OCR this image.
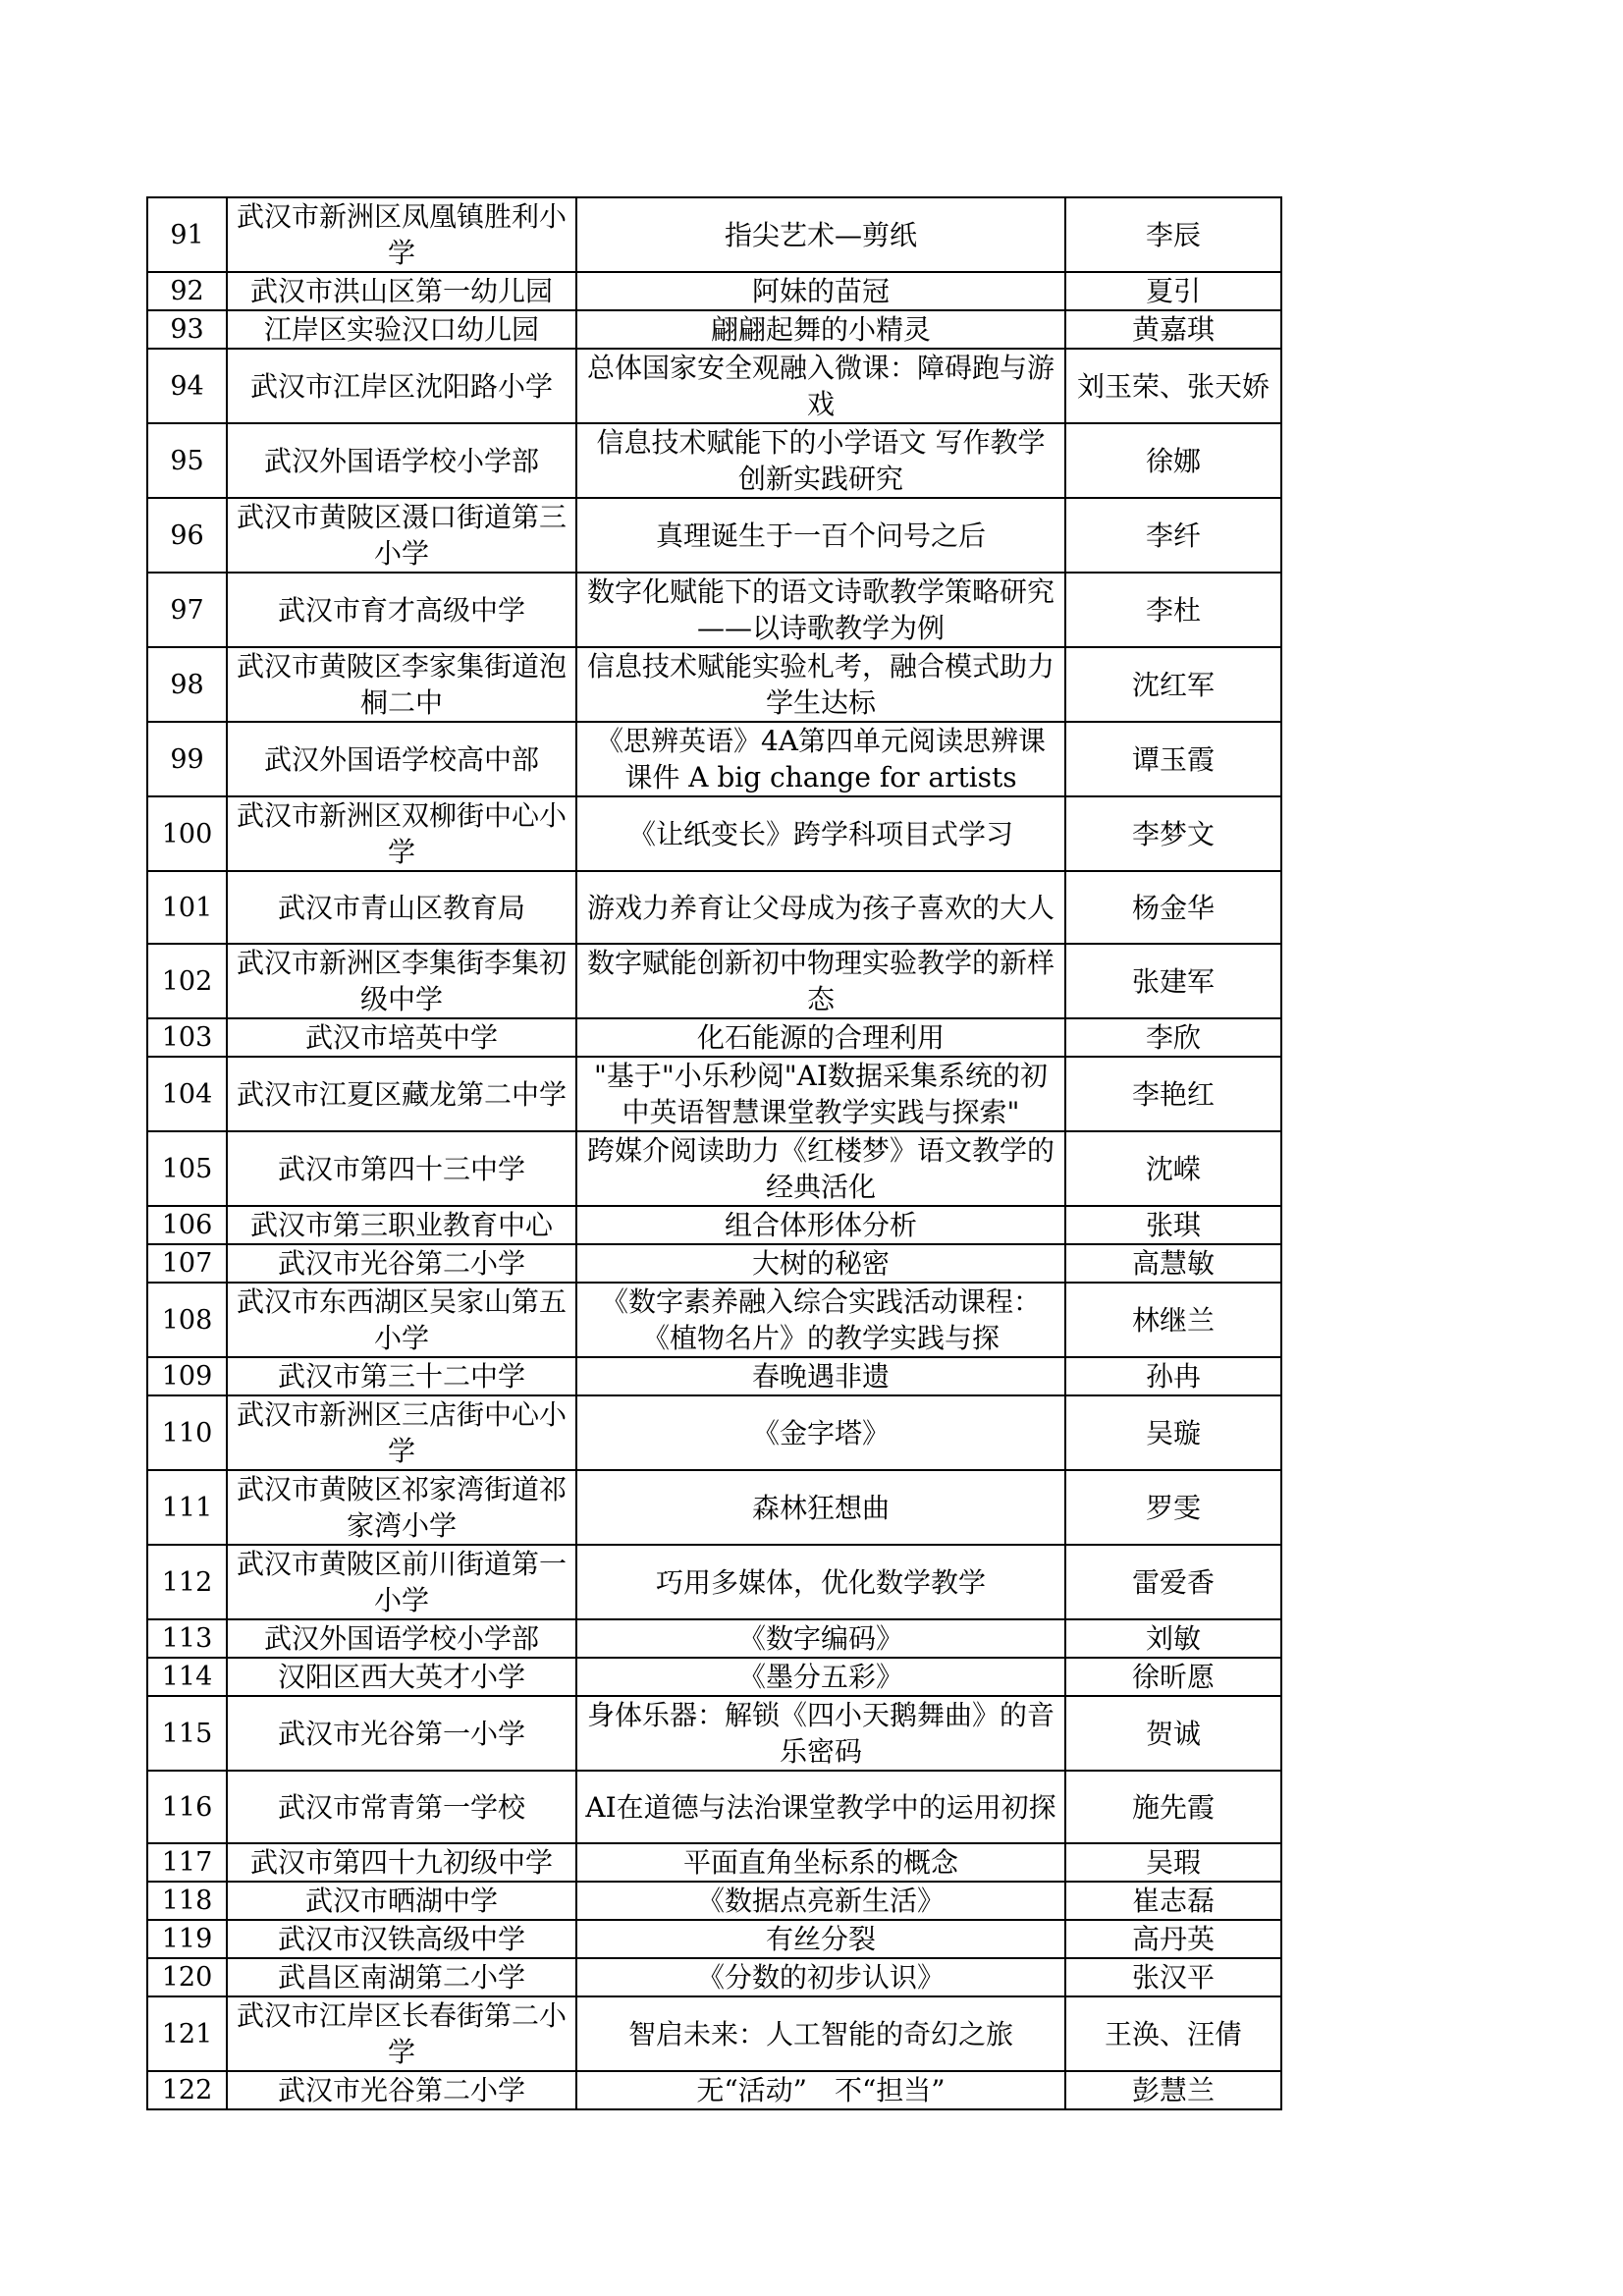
91	武汉市新洲区凤凰镇胜利小学	指尖艺术—剪纸	李辰
92	武汉市洪山区第一幼儿园	阿妹的苗冠	夏引
93	江岸区实验汉口幼儿园	翩翩起舞的小精灵	黄嘉琪
94	武汉市江岸区沈阳路小学	总体国家安全观融入微课：障碍跑与游戏	刘玉荣、张天娇
95	武汉外国语学校小学部	信息技术赋能下的小学语文 写作教学创新实践研究	徐娜
96	武汉市黄陂区滠口街道第三小学	真理诞生于一百个问号之后	李纤
97	武汉市育才高级中学	数字化赋能下的语文诗歌教学策略研究 ——以诗歌教学为例	李杜
98	武汉市黄陂区李家集街道泡桐二中	信息技术赋能实验札考，融合模式助力学生达标	沈红军
99	武汉外国语学校高中部	《思辨英语》4A第四单元阅读思辨课课件 A big change for artists	谭玉霞
100	武汉市新洲区双柳街中心小学	《让纸变长》跨学科项目式学习	李梦文
101	武汉市青山区教育局	游戏力养育让父母成为孩子喜欢的大人	杨金华
102	武汉市新洲区李集街李集初级中学	数字赋能创新初中物理实验教学的新样态	张建军
103	武汉市培英中学	化石能源的合理利用	李欣
104	武汉市江夏区藏龙第二中学	"基于"小乐秒阅"AI数据采集系统的初中英语智慧课堂教学实践与探索"	李艳红
105	武汉市第四十三中学	跨媒介阅读助力《红楼梦》语文教学的经典活化	沈嵘
106	武汉市第三职业教育中心	组合体形体分析	张琪
107	武汉市光谷第二小学	大树的秘密	高慧敏
108	武汉市东西湖区吴家山第五小学	《数字素养融入综合实践活动课程：《植物名片》的教学实践与探	林继兰
109	武汉市第三十二中学	春晚遇非遗	孙冉
110	武汉市新洲区三店街中心小学	《金字塔》	吴璇
111	武汉市黄陂区祁家湾街道祁家湾小学	森林狂想曲	罗雯
112	武汉市黄陂区前川街道第一小学	巧用多媒体，优化数学教学	雷爱香
113	武汉外国语学校小学部	《数字编码》	刘敏
114	汉阳区西大英才小学	《墨分五彩》	徐昕愿
115	武汉市光谷第一小学	身体乐器：解锁《四小天鹅舞曲》的音乐密码	贺诚
116	武汉市常青第一学校	AI在道德与法治课堂教学中的运用初探	施先霞
117	武汉市第四十九初级中学	平面直角坐标系的概念	吴瑕
118	武汉市晒湖中学	《数据点亮新生活》	崔志磊
119	武汉市汉铁高级中学	有丝分裂	高丹英
120	武昌区南湖第二小学	《分数的初步认识》	张汉平
121	武汉市江岸区长春街第二小学	智启未来：人工智能的奇幻之旅	王涣、汪倩
122	武汉市光谷第二小学	无“活动”　不“担当”	彭慧兰
